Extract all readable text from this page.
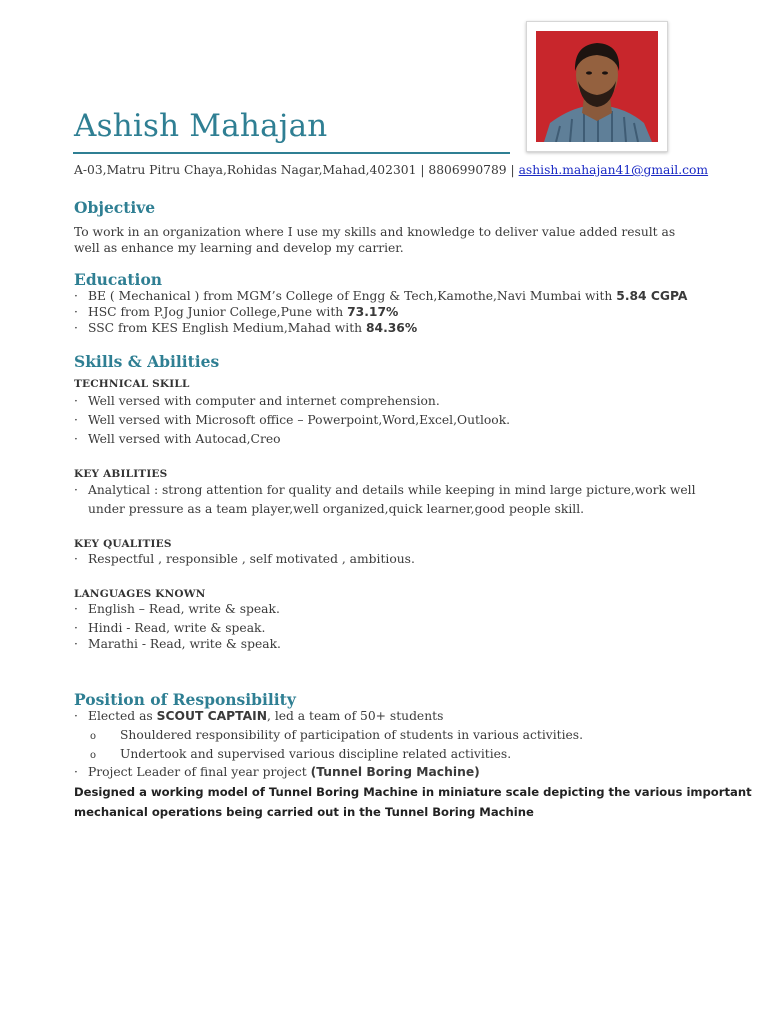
Ashish Mahajan
A-03,Matru Pitru Chaya,Rohidas Nagar,Mahad,402301 | 8806990789 | ashish.mahajan41@gmail.com
Objective
To work in an organization where I use my skills and knowledge to deliver value added result as well as enhance my learning and develop my carrier.
Education
· BE ( Mechanical ) from MGM’s College of Engg & Tech,Kamothe,Navi Mumbai with 5.84 CGPA
· HSC from P.Jog Junior College,Pune with 73.17%
· SSC from KES English Medium,Mahad with 84.36%
Skills & Abilities
TECHNICAL SKILL
· Well versed with computer and internet comprehension.
· Well versed with Microsoft office – Powerpoint,Word,Excel,Outlook.
· Well versed with Autocad,Creo
KEY ABILITIES
· Analytical : strong attention for quality and details while keeping in mind large picture,work well
under pressure as a team player,well organized,quick learner,good people skill.
KEY QUALITIES
· Respectful , responsible , self motivated , ambitious.
LANGUAGES KNOWN
· English – Read, write & speak.
· Hindi - Read, write & speak.
· Marathi - Read, write & speak.
Position of Responsibility
· Elected as SCOUT CAPTAIN, led a team of 50+ students
o Shouldered responsibility of participation of students in various activities.
o Undertook and supervised various discipline related activities.
· Project Leader of final year project (Tunnel Boring Machine)
Designed a working model of Tunnel Boring Machine in miniature scale depicting the various important
mechanical operations being carried out in the Tunnel Boring Machine
